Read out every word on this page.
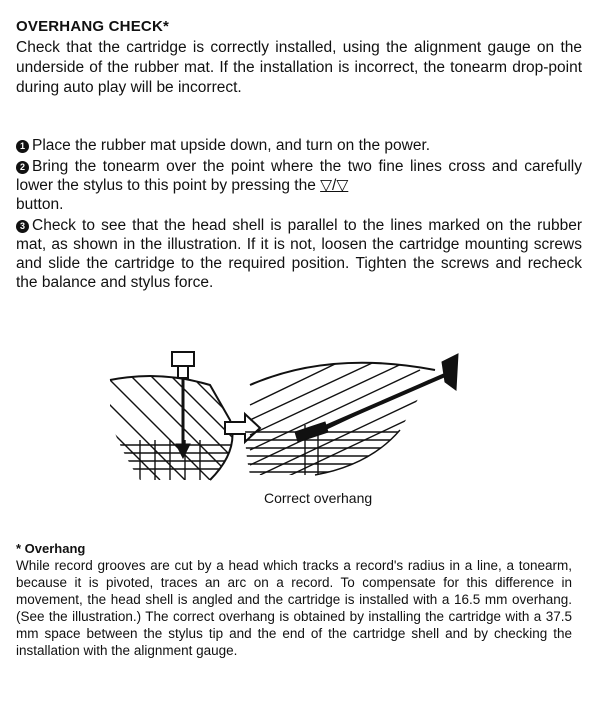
OVERHANG CHECK*
Check that the cartridge is correctly installed, using the alignment gauge on the underside of the rubber mat. If the installation is incorrect, the tonearm drop-point during auto play will be incorrect.
1 Place the rubber mat upside down, and turn on the power.
2 Bring the tonearm over the point where the two fine lines cross and carefully lower the stylus to this point by pressing the ▽/▽
button.
3 Check to see that the head shell is parallel to the lines marked on the rubber mat, as shown in the illustration. If it is not, loosen the cartridge mounting screws and slide the cartridge to the required position. Tighten the screws and recheck the balance and stylus force.
Correct overhang
* Overhang
While record grooves are cut by a head which tracks a record's radius in a line, a tonearm, because it is pivoted, traces an arc on a record. To compensate for this difference in movement, the head shell is angled and the cartridge is installed with a 16.5 mm overhang. (See the illustration.) The correct overhang is obtained by installing the cartridge with a 37.5 mm space between the stylus tip and the end of the cartridge shell and by checking the installation with the alignment gauge.
